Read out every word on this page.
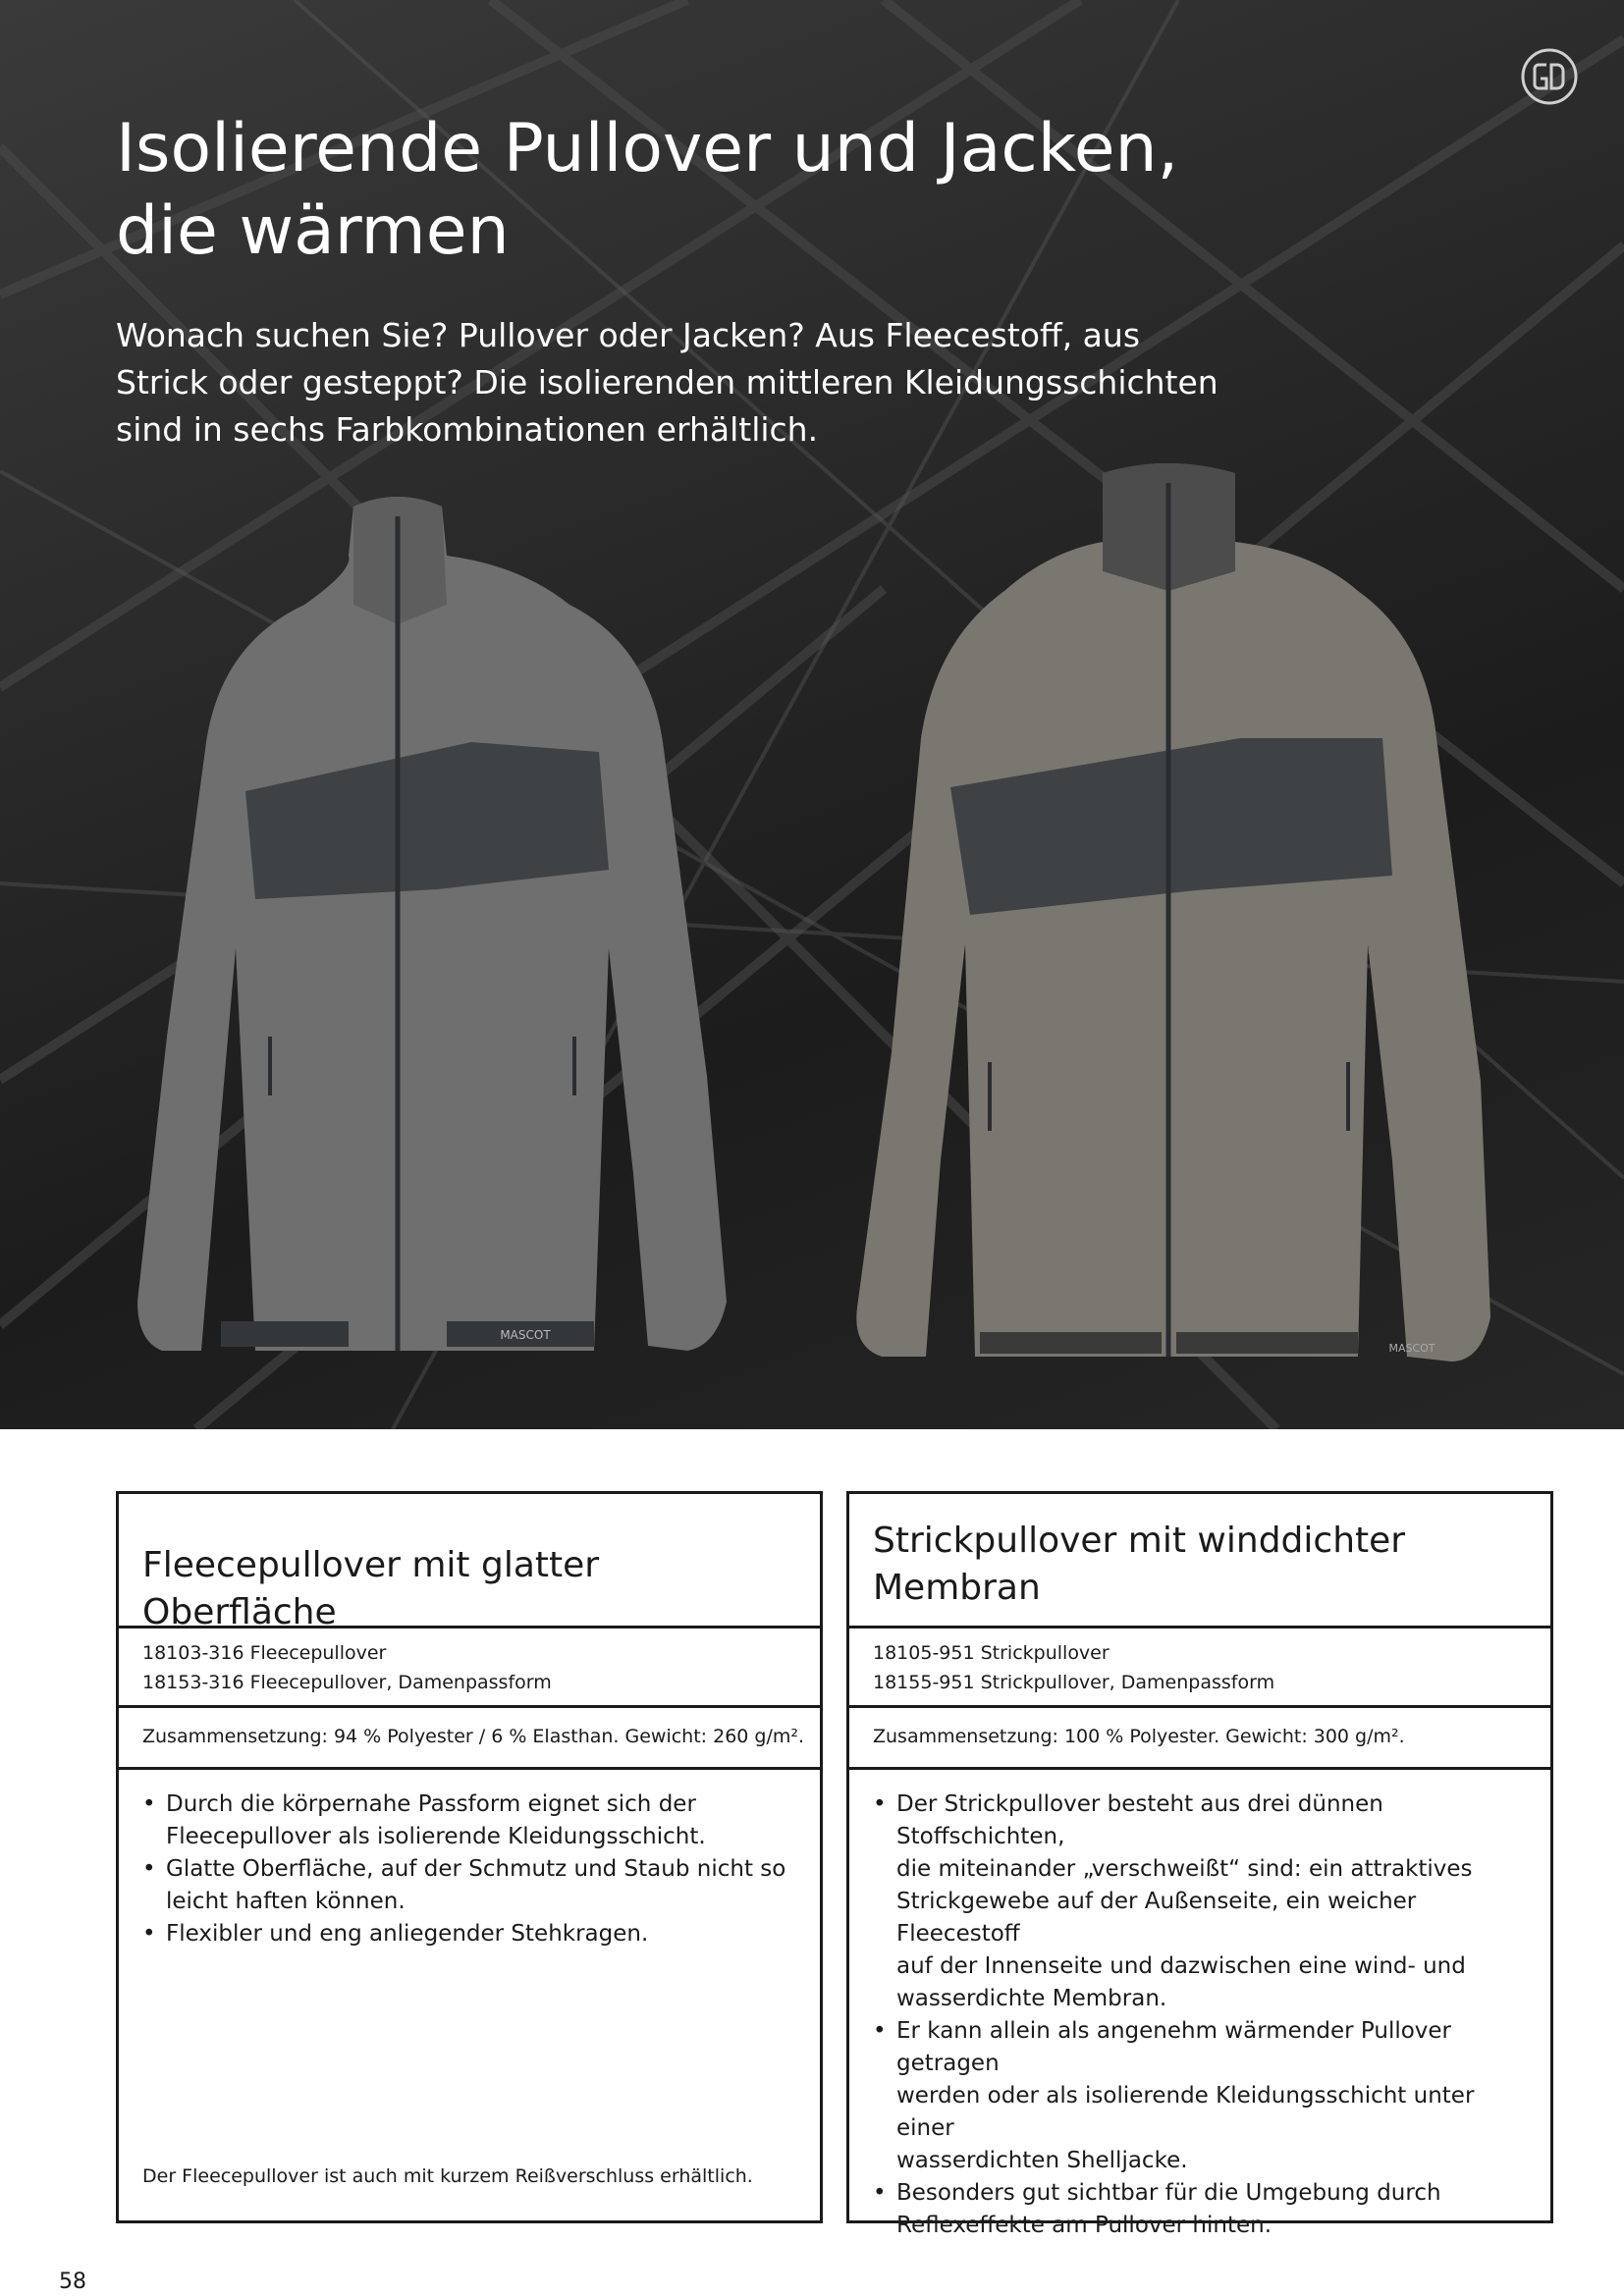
Isolierende Pullover und Jacken,
die wärmen

Wonach suchen Sie? Pullover oder Jacken? Aus Fleecestoff, aus
Strick oder gesteppt? Die isolierenden mittleren Kleidungsschichten
sind in sechs Farbkombinationen erhältlich.

MASCOT
MASCOT
Fleecepullover mit glatter Oberfläche
18103-316 Fleecepullover
18153-316 Fleecepullover, Damenpassform
Zusammensetzung: 94 % Polyester / 6 % Elasthan. Gewicht: 260 g/m².
• Durch die körpernahe Passform eignet sich der
Fleecepullover als isolierende Kleidungsschicht.
• Glatte Oberfläche, auf der Schmutz und Staub nicht so
leicht haften können.
• Flexibler und eng anliegender Stehkragen.
Der Fleecepullover ist auch mit kurzem Reißverschluss erhältlich.
Strickpullover mit winddichter
Membran
18105-951 Strickpullover
18155-951 Strickpullover, Damenpassform
Zusammensetzung: 100 % Polyester. Gewicht: 300 g/m².
• Der Strickpullover besteht aus drei dünnen Stoffschichten,
die miteinander „verschweißt“ sind: ein attraktives
Strickgewebe auf der Außenseite, ein weicher Fleecestoff
auf der Innenseite und dazwischen eine wind- und
wasserdichte Membran.
• Er kann allein als angenehm wärmender Pullover getragen
werden oder als isolierende Kleidungsschicht unter einer
wasserdichten Shelljacke.
• Besonders gut sichtbar für die Umgebung durch
Reflexeffekte am Pullover hinten.
58
